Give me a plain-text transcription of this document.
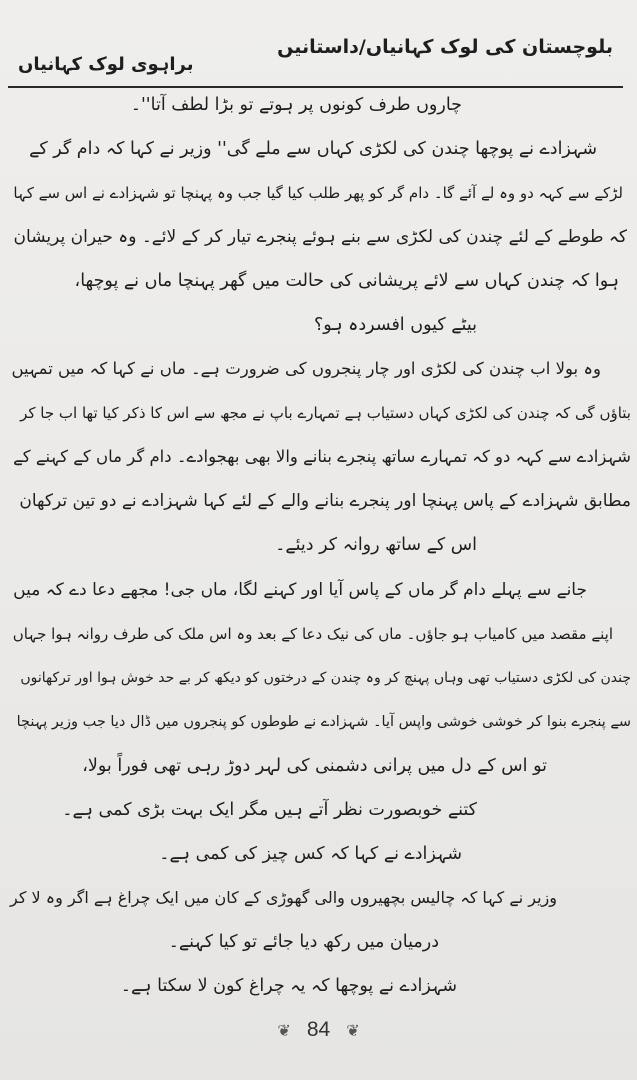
بلوچستان کی لوک کہانیاں/داستانیں
براہوی لوک کہانیاں
چاروں طرف کونوں پر ہوتے تو بڑا لطف آتا''۔
شہزادے نے پوچھا چندن کی لکڑی کہاں سے ملے گی'' وزیر نے کہا کہ دام گر کے
لڑکے سے کہہ دو وہ لے آئے گا۔ دام گر کو پھر طلب کیا گیا جب وہ پہنچا تو شہزادے نے اس سے کہا
کہ طوطے کے لئے چندن کی لکڑی سے بنے ہوئے پنجرے تیار کر کے لائے۔ وہ حیران پریشان
ہوا کہ چندن کہاں سے لائے پریشانی کی حالت میں گھر پہنچا ماں نے پوچھا،
بیٹے کیوں افسردہ ہو؟
وہ بولا اب چندن کی لکڑی اور چار پنجروں کی ضرورت ہے۔ ماں نے کہا کہ میں تمہیں
بتاؤں گی کہ چندن کی لکڑی کہاں دستیاب ہے تمہارے باپ نے مجھ سے اس کا ذکر کیا تھا اب جا کر
شہزادے سے کہہ دو کہ تمہارے ساتھ پنجرے بنانے والا بھی بھجوادے۔ دام گر ماں کے کہنے کے
مطابق شہزادے کے پاس پہنچا اور پنجرے بنانے والے کے لئے کہا شہزادے نے دو تین ترکھان
اس کے ساتھ روانہ کر دیئے۔
جانے سے پہلے دام گر ماں کے پاس آیا اور کہنے لگا، ماں جی! مجھے دعا دے کہ میں
اپنے مقصد میں کامیاب ہو جاؤں۔ ماں کی نیک دعا کے بعد وہ اس ملک کی طرف روانہ ہوا جہاں
چندن کی لکڑی دستیاب تھی وہاں پہنچ کر وہ چندن کے درختوں کو دیکھ کر بے حد خوش ہوا اور ترکھانوں
سے پنجرے بنوا کر خوشی خوشی واپس آیا۔ شہزادے نے طوطوں کو پنجروں میں ڈال دیا جب وزیر پہنچا
تو اس کے دل میں پرانی دشمنی کی لہر دوڑ رہی تھی فوراً بولا،
کتنے خوبصورت نظر آتے ہیں مگر ایک بہت بڑی کمی ہے۔
شہزادے نے کہا کہ کس چیز کی کمی ہے۔
وزیر نے کہا کہ چالیس بچھیروں والی گھوڑی کے کان میں ایک چراغ ہے اگر وہ لا کر
درمیان میں رکھ دیا جائے تو کیا کہنے۔
شہزادے نے پوچھا کہ یہ چراغ کون لا سکتا ہے۔
❦ 84 ❦
